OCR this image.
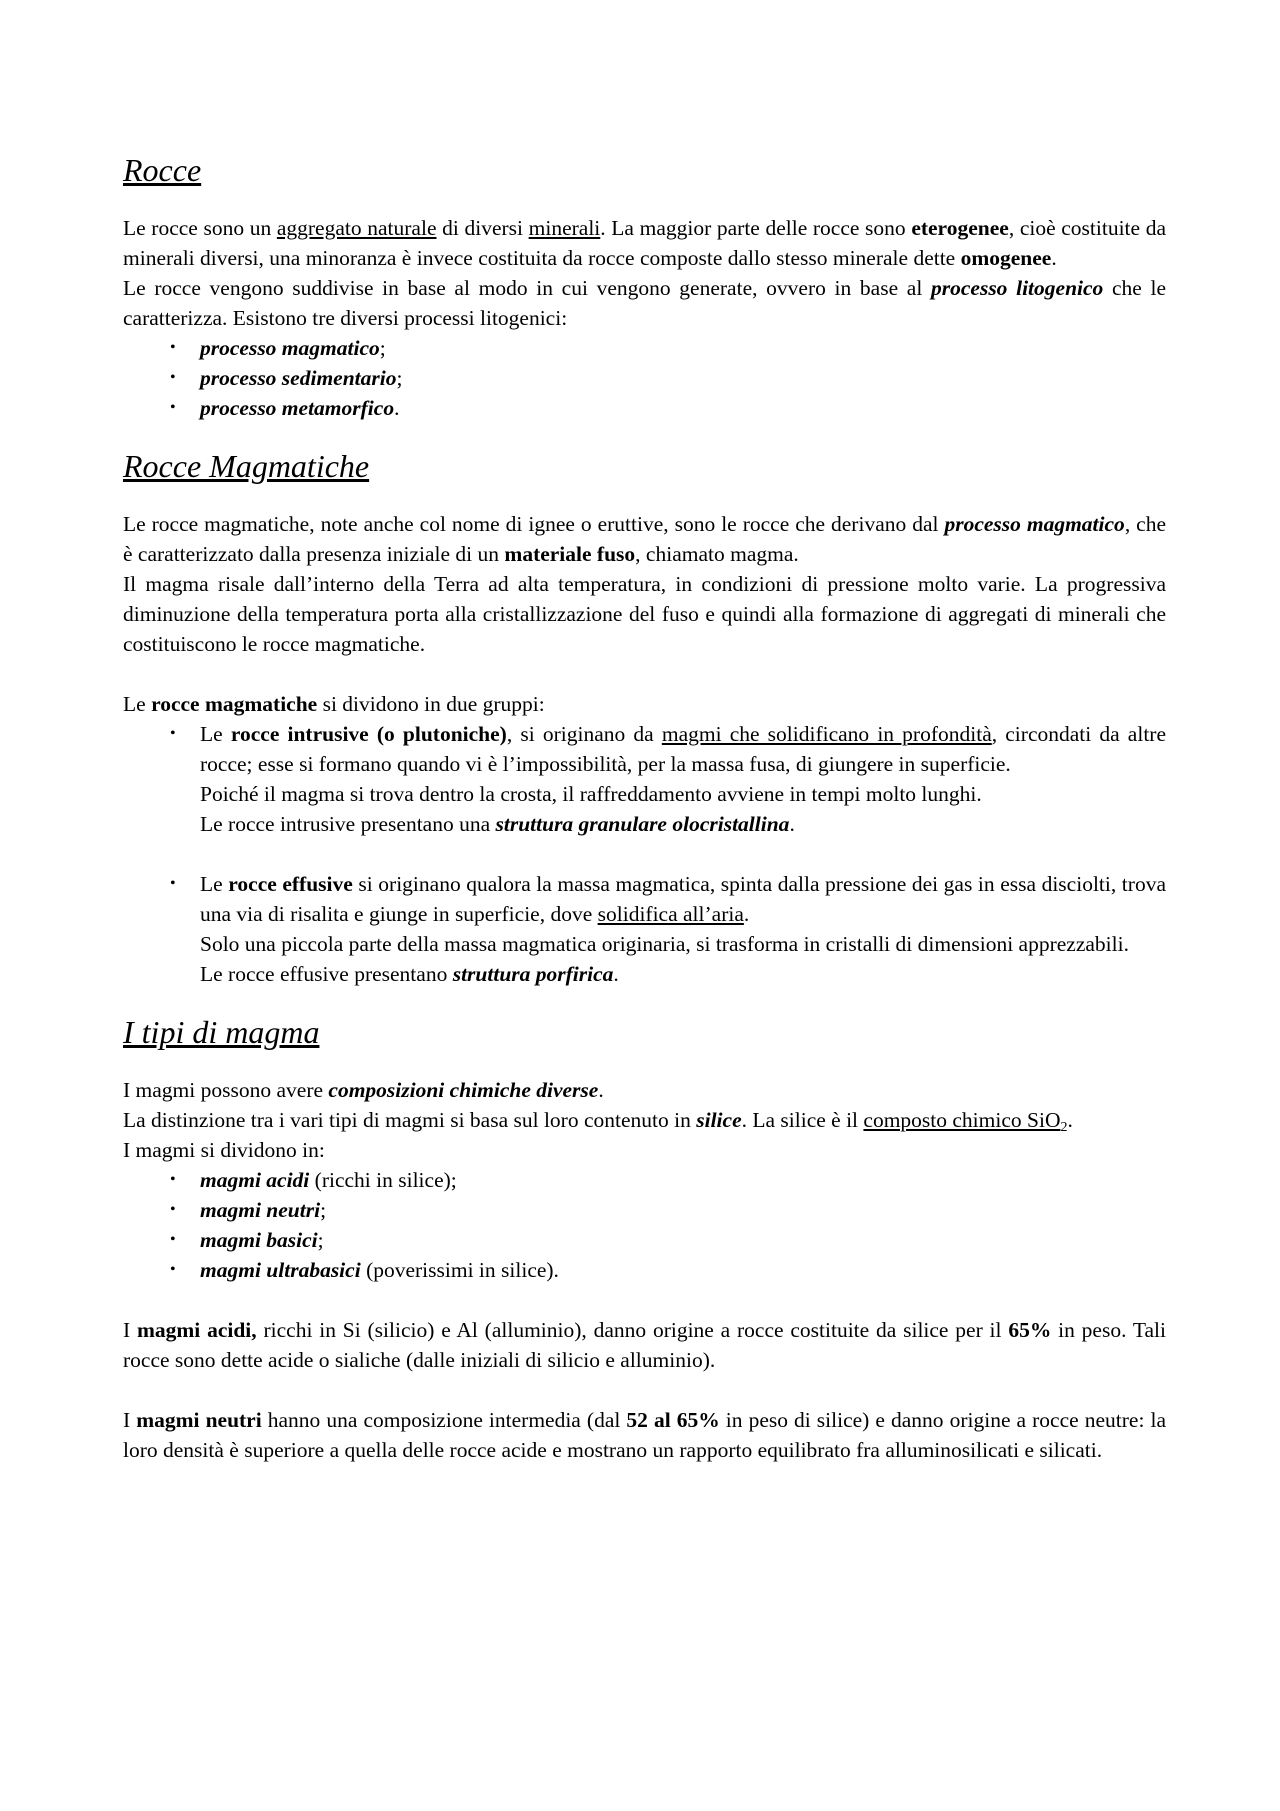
Rocce

Le rocce sono un aggregato naturale di diversi minerali. La maggior parte delle rocce sono eterogenee, cioè costituite da minerali diversi, una minoranza è invece costituita da rocce composte dallo stesso minerale dette omogenee.

Le rocce vengono suddivise in base al modo in cui vengono generate, ovvero in base al processo litogenico che le caratterizza. Esistono tre diversi processi litogenici:

• processo magmatico;
• processo sedimentario;
• processo metamorfico.
Rocce Magmatiche

Le rocce magmatiche, note anche col nome di ignee o eruttive, sono le rocce che derivano dal processo magmatico, che è caratterizzato dalla presenza iniziale di un materiale fuso, chiamato magma.

Il magma risale dall’interno della Terra ad alta temperatura, in condizioni di pressione molto varie. La progressiva diminuzione della temperatura porta alla cristallizzazione del fuso e quindi alla formazione di aggregati di minerali che costituiscono le rocce magmatiche.

Le rocce magmatiche si dividono in due gruppi:

• Le rocce intrusive (o plutoniche), si originano da magmi che solidificano in profondità, circondati da altre rocce; esse si formano quando vi è l’impossibilità, per la massa fusa, di giungere in superficie.
Poiché il magma si trova dentro la crosta, il raffreddamento avviene in tempi molto lunghi.
Le rocce intrusive presentano una struttura granulare olocristallina.
• Le rocce effusive si originano qualora la massa magmatica, spinta dalla pressione dei gas in essa disciolti, trova una via di risalita e giunge in superficie, dove solidifica all’aria.
Solo una piccola parte della massa magmatica originaria, si trasforma in cristalli di dimensioni apprezzabili.
Le rocce effusive presentano struttura porfirica.
I tipi di magma

I magmi possono avere composizioni chimiche diverse.

La distinzione tra i vari tipi di magmi si basa sul loro contenuto in silice. La silice è il composto chimico SiO$_2$.

I magmi si dividono in:

• magmi acidi (ricchi in silice);
• magmi neutri;
• magmi basici;
• magmi ultrabasici (poverissimi in silice).

I magmi acidi, ricchi in Si (silicio) e Al (alluminio), danno origine a rocce costituite da silice per il 65% in peso. Tali rocce sono dette acide o sialiche (dalle iniziali di silicio e alluminio).

I magmi neutri hanno una composizione intermedia (dal 52 al 65% in peso di silice) e danno origine a rocce neutre: la loro densità è superiore a quella delle rocce acide e mostrano un rapporto equilibrato fra alluminosilicati e silicati.
